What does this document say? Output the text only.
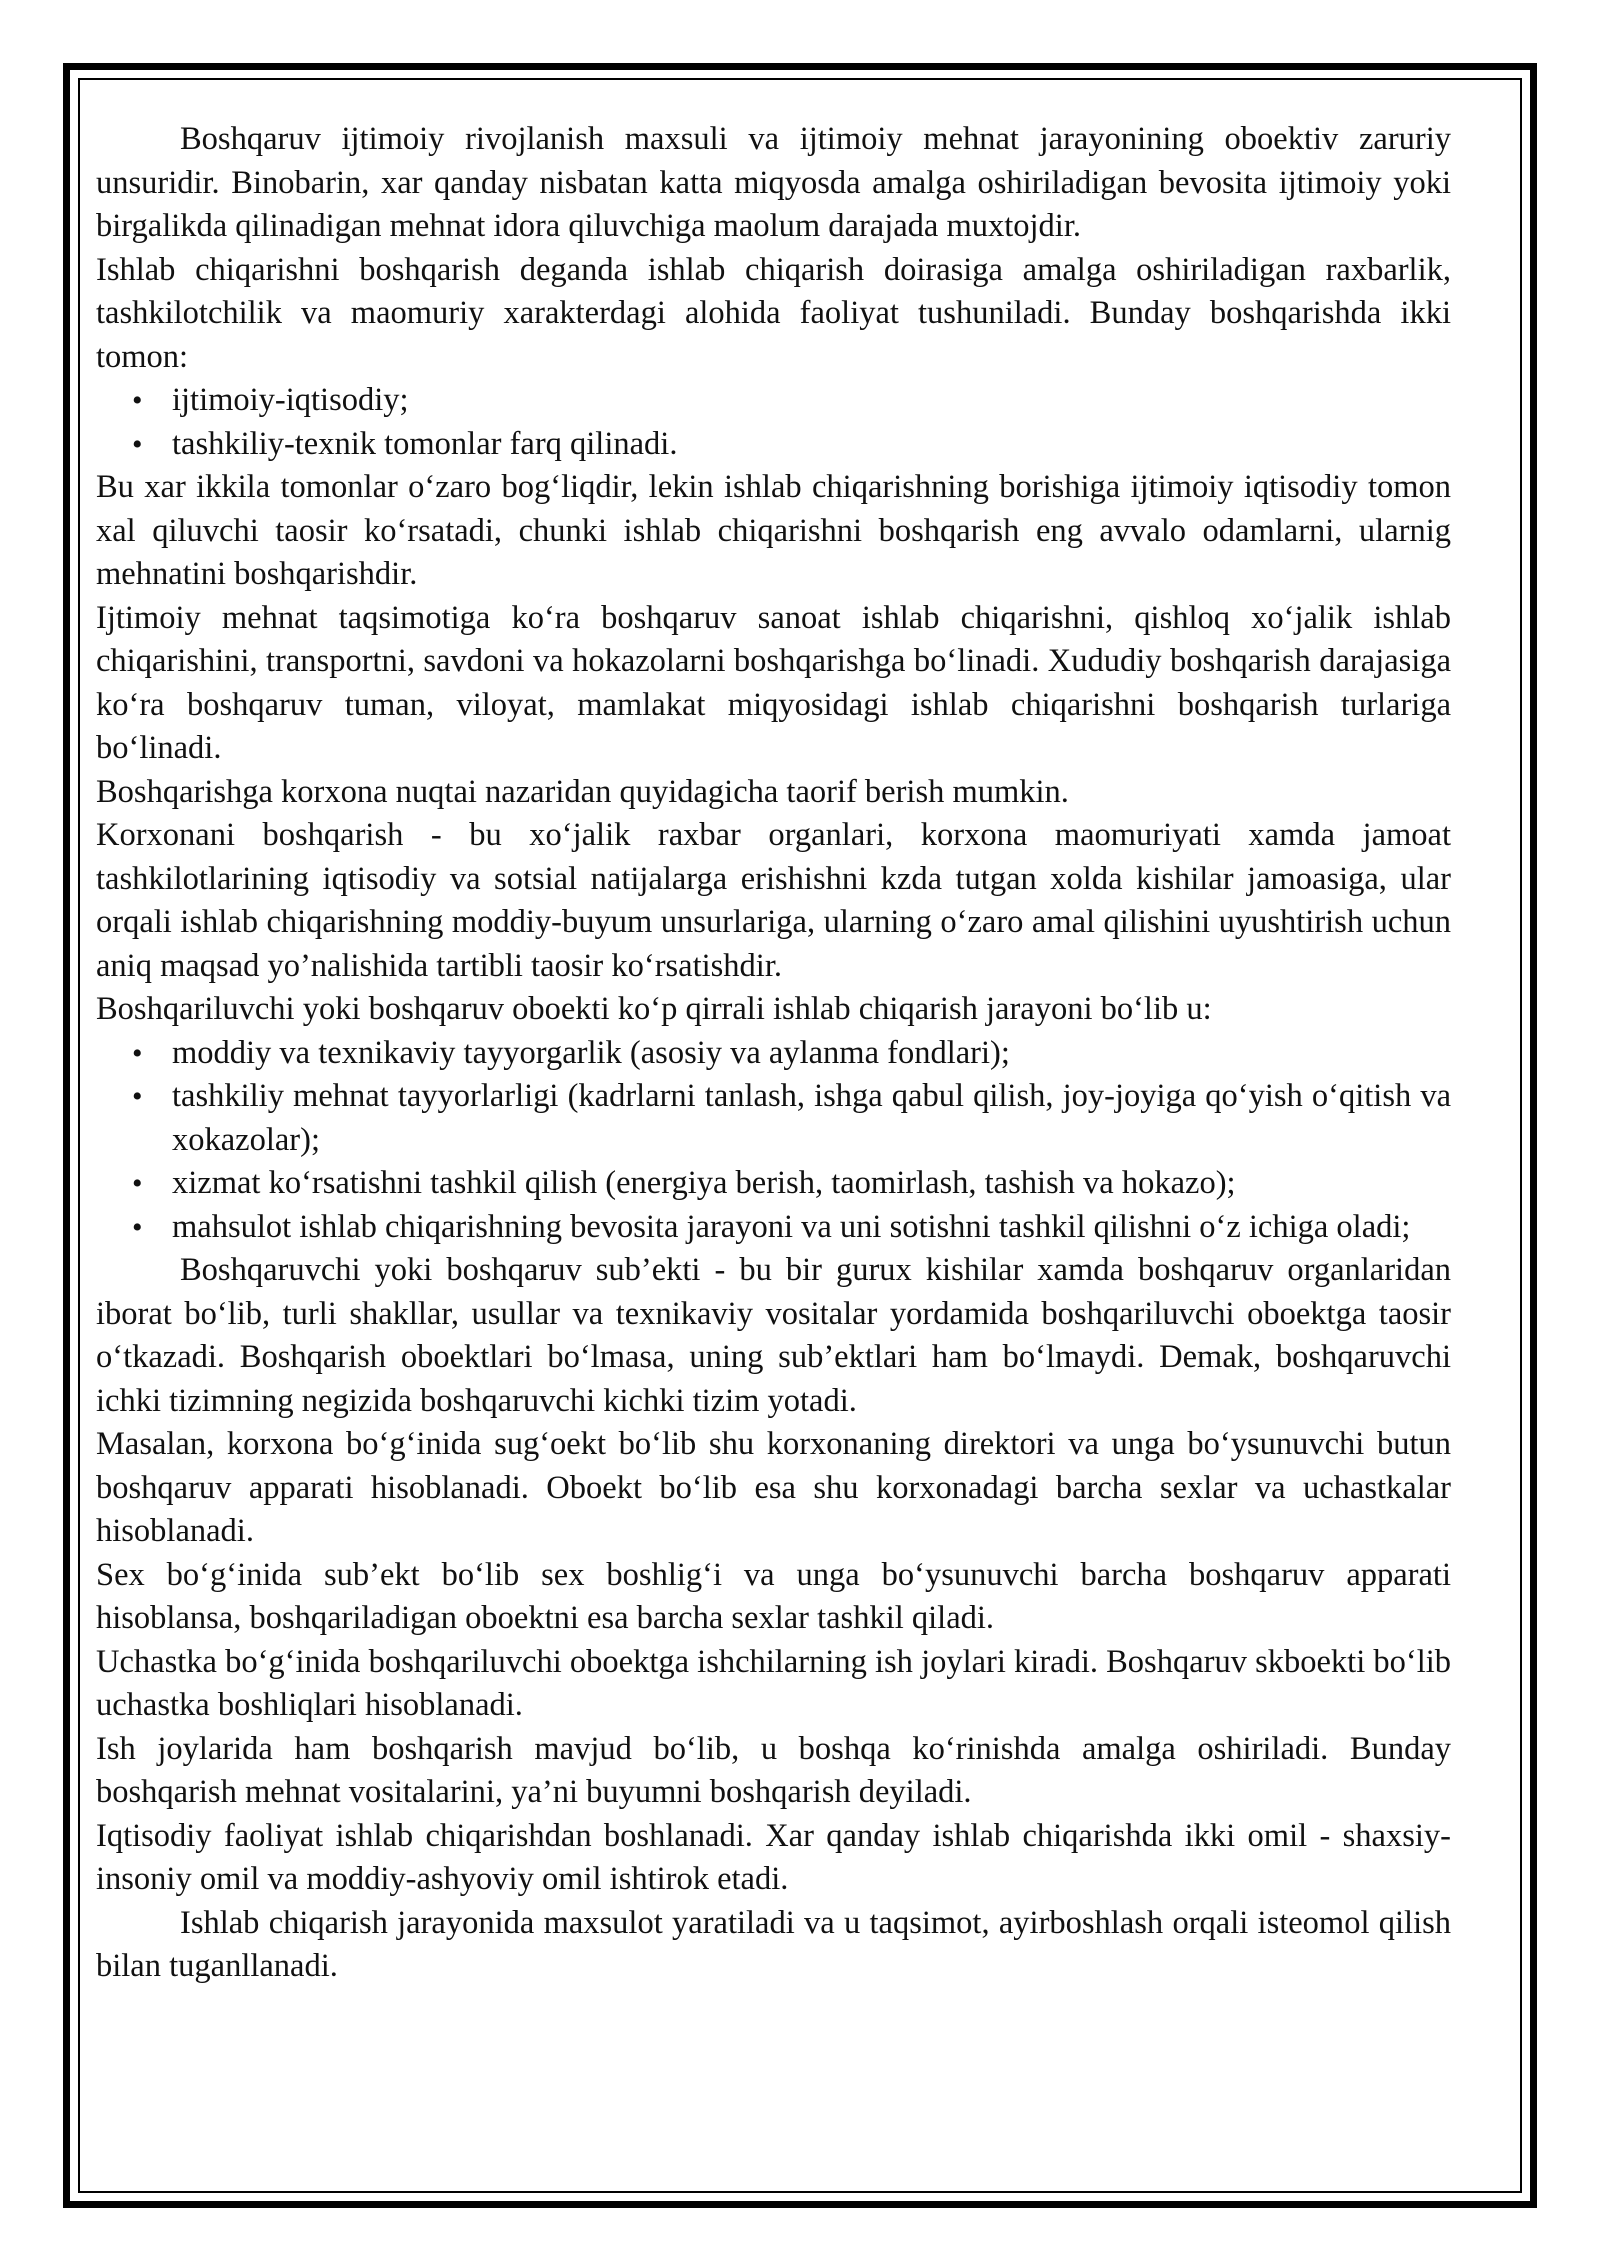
Boshqaruv ijtimoiy rivojlanish maxsuli va ijtimoiy mehnat jarayonining oboektiv zaruriy unsuridir. Binobarin, xar qanday nisbatan katta miqyosda amalga oshiriladigan bevosita ijtimoiy yoki birgalikda qilinadigan mehnat idora qiluvchiga maolum darajada muxtojdir.

Ishlab chiqarishni boshqarish deganda ishlab chiqarish doirasiga amalga oshiriladigan raxbarlik, tashkilotchilik va maomuriy xarakterdagi alohida faoliyat tushuniladi. Bunday boshqarishda ikki tomon:

• ijtimoiy-iqtisodiy;
• tashkiliy-texnik tomonlar farq qilinadi.

Bu xar ikkila tomonlar o‘zaro bog‘liqdir, lekin ishlab chiqarishning borishiga ijtimoiy iqtisodiy tomon xal qiluvchi taosir ko‘rsatadi, chunki ishlab chiqarishni boshqarish eng avvalo odamlarni, ularnig mehnatini boshqarishdir.

Ijtimoiy mehnat taqsimotiga ko‘ra boshqaruv sanoat ishlab chiqarishni, qishloq xo‘jalik ishlab chiqarishini, transportni, savdoni va hokazolarni boshqarishga bo‘linadi. Xududiy boshqarish darajasiga ko‘ra boshqaruv tuman, viloyat, mamlakat miqyosidagi ishlab chiqarishni boshqarish turlariga bo‘linadi.

Boshqarishga korxona nuqtai nazaridan quyidagicha taorif berish mumkin.

Korxonani boshqarish - bu xo‘jalik raxbar organlari, korxona maomuriyati xamda jamoat tashkilotlarining iqtisodiy va sotsial natijalarga erishishni kzda tutgan xolda kishilar jamoasiga, ular orqali ishlab chiqarishning moddiy-buyum unsurlariga, ularning o‘zaro amal qilishini uyushtirish uchun aniq maqsad yo’nalishida tartibli taosir ko‘rsatishdir.

Boshqariluvchi yoki boshqaruv oboekti ko‘p qirrali ishlab chiqarish jarayoni bo‘lib u:

• moddiy va texnikaviy tayyorgarlik (asosiy va aylanma fondlari);
• tashkiliy mehnat tayyorlarligi (kadrlarni tanlash, ishga qabul qilish, joy-joyiga qo‘yish o‘qitish va xokazolar);
• xizmat ko‘rsatishni tashkil qilish (energiya berish, taomirlash, tashish va hokazo);
• mahsulot ishlab chiqarishning bevosita jarayoni va uni sotishni tashkil qilishni o‘z ichiga oladi;

Boshqaruvchi yoki boshqaruv sub’ekti - bu bir gurux kishilar xamda boshqaruv organlaridan iborat bo‘lib, turli shakllar, usullar va texnikaviy vositalar yordamida boshqariluvchi oboektga taosir o‘tkazadi. Boshqarish oboektlari bo‘lmasa, uning sub’ektlari ham bo‘lmaydi. Demak, boshqaruvchi ichki tizimning negizida boshqaruvchi kichki tizim yotadi.

Masalan, korxona bo‘g‘inida sug‘oekt bo‘lib shu korxonaning direktori va unga bo‘ysunuvchi butun boshqaruv apparati hisoblanadi. Oboekt bo‘lib esa shu korxonadagi barcha sexlar va uchastkalar hisoblanadi.

Sex bo‘g‘inida sub’ekt bo‘lib sex boshlig‘i va unga bo‘ysunuvchi barcha boshqaruv apparati hisoblansa, boshqariladigan oboektni esa barcha sexlar tashkil qiladi.

Uchastka bo‘g‘inida boshqariluvchi oboektga ishchilarning ish joylari kiradi. Boshqaruv skboekti bo‘lib uchastka boshliqlari hisoblanadi.

Ish joylarida ham boshqarish mavjud bo‘lib, u boshqa ko‘rinishda amalga oshiriladi. Bunday boshqarish mehnat vositalarini, ya’ni buyumni boshqarish deyiladi.

Iqtisodiy faoliyat ishlab chiqarishdan boshlanadi. Xar qanday ishlab chiqarishda ikki omil - shaxsiy-insoniy omil va moddiy-ashyoviy omil ishtirok etadi.

Ishlab chiqarish jarayonida maxsulot yaratiladi va u taqsimot, ayirboshlash orqali isteomol qilish bilan tuganllanadi.
